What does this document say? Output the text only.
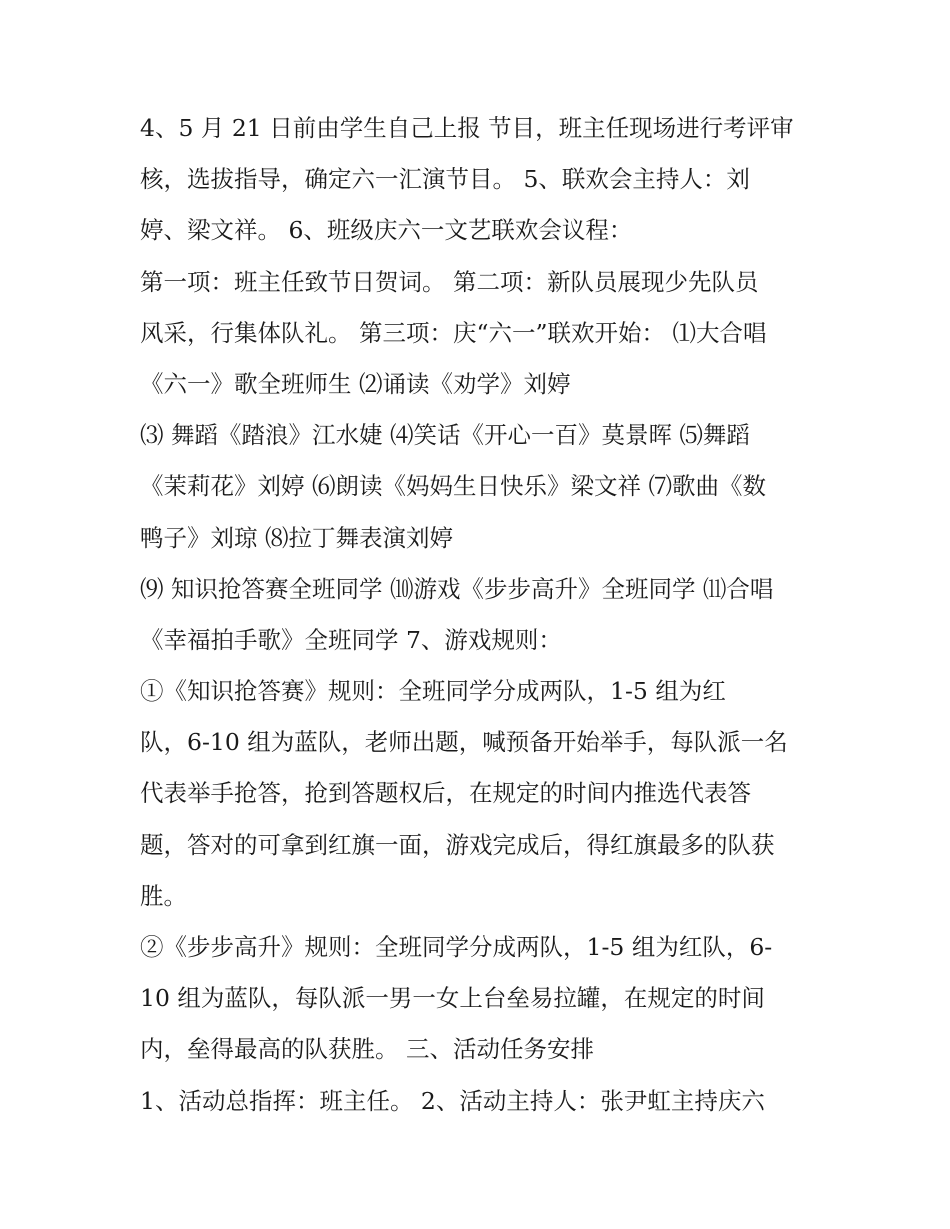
4、5 月 21 日前由学生自己上报 节目，班主任现场进行考评审
核，选拔指导，确定六一汇演节目。 5、联欢会主持人：刘
婷、梁文祥。 6、班级庆六一文艺联欢会议程：
第一项：班主任致节日贺词。 第二项：新队员展现少先队员
风采，行集体队礼。 第三项：庆“六一”联欢开始： ⑴大合唱
《六一》歌全班师生 ⑵诵读《劝学》刘婷
⑶ 舞蹈《踏浪》江水婕 ⑷笑话《开心一百》莫景晖 ⑸舞蹈
《茉莉花》刘婷 ⑹朗读《妈妈生日快乐》梁文祥 ⑺歌曲《数
鸭子》刘琼 ⑻拉丁舞表演刘婷
⑼ 知识抢答赛全班同学 ⑽游戏《步步高升》全班同学 ⑾合唱
《幸福拍手歌》全班同学 7、游戏规则：
①《知识抢答赛》规则：全班同学分成两队，1-5 组为红
队，6-10 组为蓝队，老师出题，喊预备开始举手，每队派一名
代表举手抢答，抢到答题权后，在规定的时间内推选代表答
题，答对的可拿到红旗一面，游戏完成后，得红旗最多的队获
胜。
②《步步高升》规则：全班同学分成两队，1-5 组为红队，6-
10 组为蓝队，每队派一男一女上台垒易拉罐，在规定的时间
内，垒得最高的队获胜。 三、活动任务安排
1、活动总指挥：班主任。 2、活动主持人：张尹虹主持庆六
